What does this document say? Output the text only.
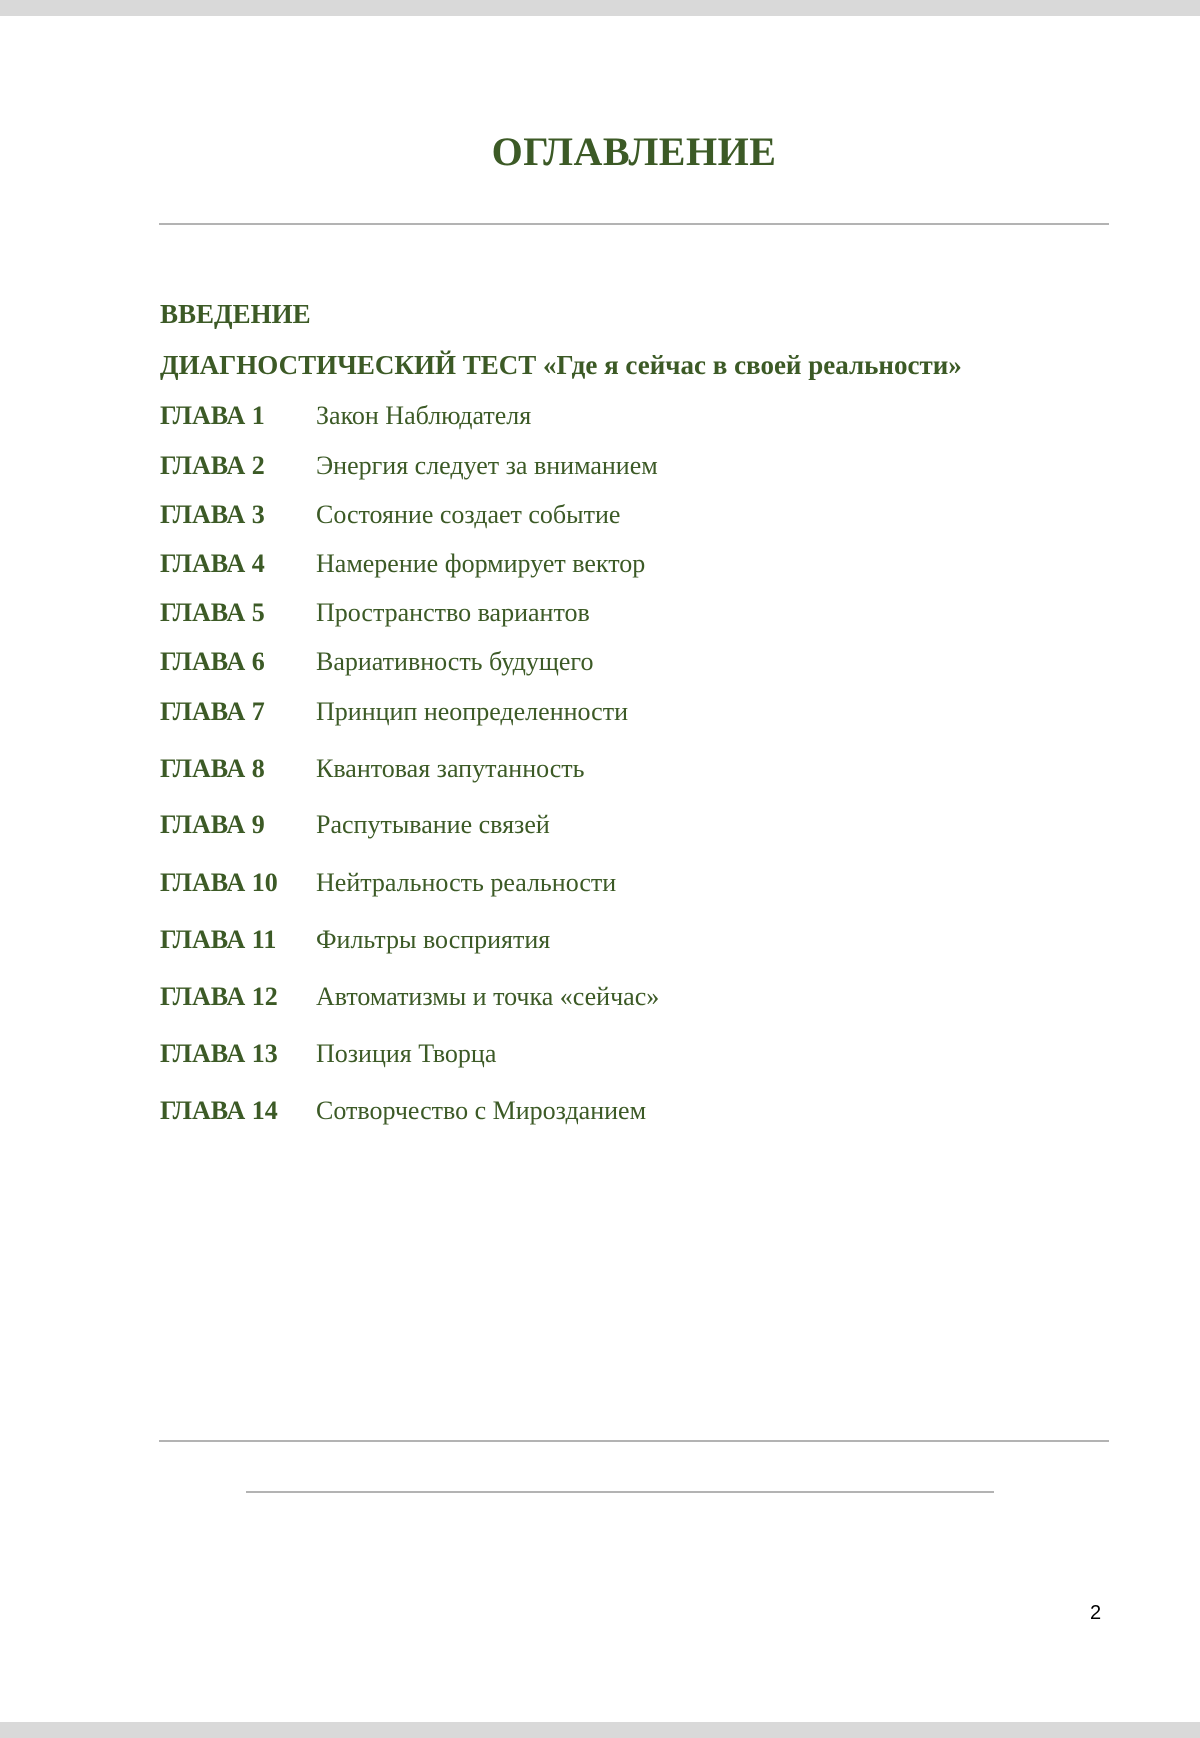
ОГЛАВЛЕНИЕ
ВВЕДЕНИЕ
ДИАГНОСТИЧЕСКИЙ ТЕСТ «Где я сейчас в своей реальности»
ГЛАВА 1 Закон Наблюдателя
ГЛАВА 2 Энергия следует за вниманием
ГЛАВА 3 Состояние создает событие
ГЛАВА 4 Намерение формирует вектор
ГЛАВА 5 Пространство вариантов
ГЛАВА 6 Вариативность будущего
ГЛАВА 7 Принцип неопределенности
ГЛАВА 8 Квантовая запутанность
ГЛАВА 9 Распутывание связей
ГЛАВА 10 Нейтральность реальности
ГЛАВА 11 Фильтры восприятия
ГЛАВА 12 Автоматизмы и точка «сейчас»
ГЛАВА 13 Позиция Творца
ГЛАВА 14 Сотворчество с Мирозданием
2
